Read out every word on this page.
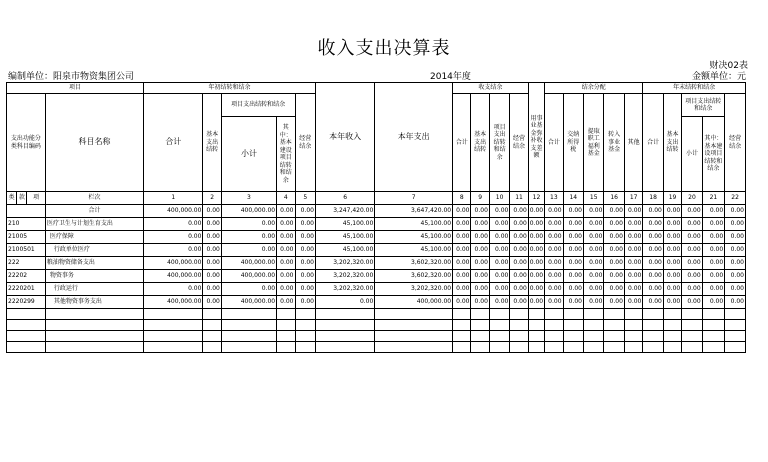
收入支出决算表
财决02表
编制单位：阳泉市物资集团公司	2014年度	金额单位：元
项目				年初结转和结余					本年收入	本年支出	收支结余				用事业基金弥补收支差额	结余分配					年末结转和结余				
支出功能分类科目编码			科目名称	合计	基本支出结转	项目支出结转和结余		经营结余			合计	基本支出结转	项目支出结转和结余	经营结余		合计	交纳所得税	提取职工福利基金	转入事业基金	其他	合计	基本支出结转	项目支出结转和结余		经营结余
						小计	其中：基本建设项目结转和结余																小计	其中：基本建设项目结转和结余	
类	款	项	栏次	1	2	3	4	5	6	7	8	9	10	11	12	13	14	15	16	17	18	19	20	21	22
			合计	400,000.00	0.00	400,000.00	0.00	0.00	3,247,420.00	3,647,420.00	0.00	0.00	0.00	0.00	0.00	0.00	0.00	0.00	0.00	0.00	0.00	0.00	0.00	0.00	0.00
210			医疗卫生与计划生育支出	0.00	0.00	0.00	0.00	0.00	45,100.00	45,100.00	0.00	0.00	0.00	0.00	0.00	0.00	0.00	0.00	0.00	0.00	0.00	0.00	0.00	0.00	0.00
21005			医疗保障	0.00	0.00	0.00	0.00	0.00	45,100.00	45,100.00	0.00	0.00	0.00	0.00	0.00	0.00	0.00	0.00	0.00	0.00	0.00	0.00	0.00	0.00	0.00
2100501			行政单位医疗	0.00	0.00	0.00	0.00	0.00	45,100.00	45,100.00	0.00	0.00	0.00	0.00	0.00	0.00	0.00	0.00	0.00	0.00	0.00	0.00	0.00	0.00	0.00
222			粮油物资储备支出	400,000.00	0.00	400,000.00	0.00	0.00	3,202,320.00	3,602,320.00	0.00	0.00	0.00	0.00	0.00	0.00	0.00	0.00	0.00	0.00	0.00	0.00	0.00	0.00	0.00
22202			物资事务	400,000.00	0.00	400,000.00	0.00	0.00	3,202,320.00	3,602,320.00	0.00	0.00	0.00	0.00	0.00	0.00	0.00	0.00	0.00	0.00	0.00	0.00	0.00	0.00	0.00
2220201			行政运行	0.00	0.00	0.00	0.00	0.00	3,202,320.00	3,202,320.00	0.00	0.00	0.00	0.00	0.00	0.00	0.00	0.00	0.00	0.00	0.00	0.00	0.00	0.00	0.00
2220299			其他物资事务支出	400,000.00	0.00	400,000.00	0.00	0.00	0.00	400,000.00	0.00	0.00	0.00	0.00	0.00	0.00	0.00	0.00	0.00	0.00	0.00	0.00	0.00	0.00	0.00
